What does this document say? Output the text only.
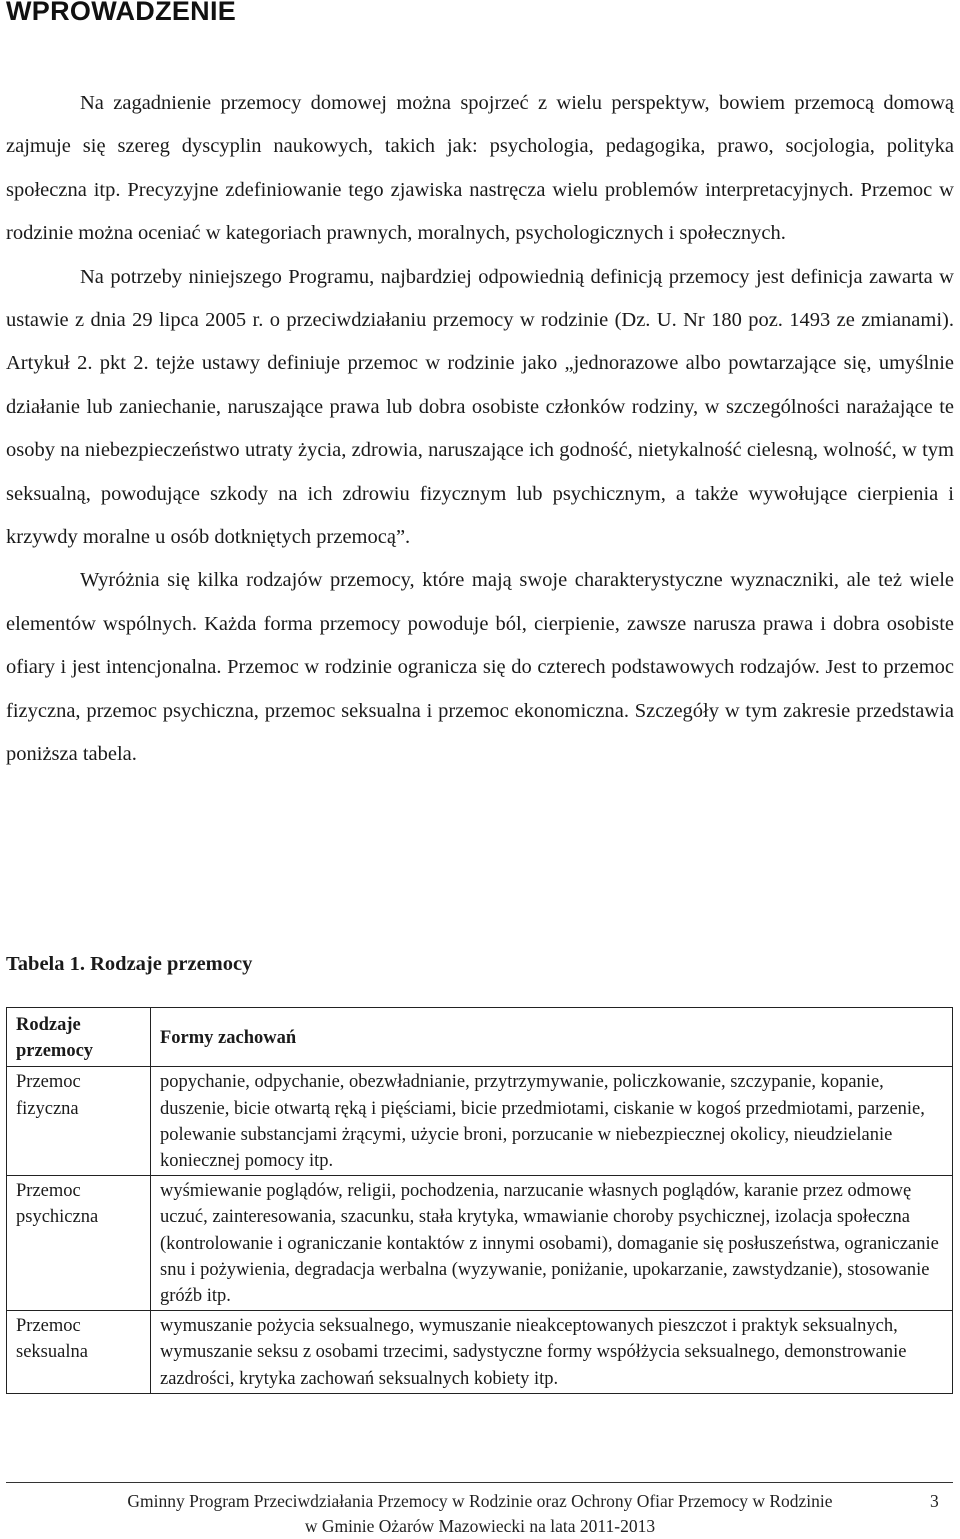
WPROWADZENIE

Na zagadnienie przemocy domowej można spojrzeć z wielu perspektyw, bowiem przemocą domową zajmuje się szereg dyscyplin naukowych, takich jak: psychologia, pedagogika, prawo, socjologia, polityka społeczna itp. Precyzyjne zdefiniowanie tego zjawiska nastręcza wielu problemów interpretacyjnych. Przemoc w rodzinie można oceniać w kategoriach prawnych, moralnych, psychologicznych i społecznych.

Na potrzeby niniejszego Programu, najbardziej odpowiednią definicją przemocy jest definicja zawarta w ustawie z dnia 29 lipca 2005 r. o przeciwdziałaniu przemocy w rodzinie (Dz. U. Nr 180 poz. 1493 ze zmianami). Artykuł 2. pkt 2. tejże ustawy definiuje przemoc w rodzinie jako „jednorazowe albo powtarzające się, umyślnie działanie lub zaniechanie, naruszające prawa lub dobra osobiste członków rodziny, w szczególności narażające te osoby na niebezpieczeństwo utraty życia, zdrowia, naruszające ich godność, nietykalność cielesną, wolność, w tym seksualną, powodujące szkody na ich zdrowiu fizycznym lub psychicznym, a także wywołujące cierpienia i krzywdy moralne u osób dotkniętych przemocą”.

Wyróżnia się kilka rodzajów przemocy, które mają swoje charakterystyczne wyznaczniki, ale też wiele elementów wspólnych. Każda forma przemocy powoduje ból, cierpienie, zawsze narusza prawa i dobra osobiste ofiary i jest intencjonalna. Przemoc w rodzinie ogranicza się do czterech podstawowych rodzajów. Jest to przemoc fizyczna, przemoc psychiczna, przemoc seksualna i przemoc ekonomiczna. Szczegóły w tym zakresie przedstawia poniższa tabela.

Tabela 1. Rodzaje przemocy

Rodzaje przemocy	Formy zachowań
Przemoc fizyczna	popychanie, odpychanie, obezwładnianie, przytrzymywanie, policzkowanie, szczypanie, kopanie, duszenie, bicie otwartą ręką i pięściami, bicie przedmiotami, ciskanie w kogoś przedmiotami, parzenie, polewanie substancjami żrącymi, użycie broni, porzucanie w niebezpiecznej okolicy, nieudzielanie koniecznej pomocy itp.
Przemoc psychiczna	wyśmiewanie poglądów, religii, pochodzenia, narzucanie własnych poglądów, karanie przez odmowę uczuć, zainteresowania, szacunku, stała krytyka, wmawianie choroby psychicznej, izolacja społeczna (kontrolowanie i ograniczanie kontaktów z innymi osobami), domaganie się posłuszeństwa, ograniczanie snu i pożywienia, degradacja werbalna (wyzywanie, poniżanie, upokarzanie, zawstydzanie), stosowanie gróźb itp.
Przemoc seksualna	wymuszanie pożycia seksualnego, wymuszanie nieakceptowanych pieszczot i praktyk seksualnych, wymuszanie seksu z osobami trzecimi, sadystyczne formy współżycia seksualnego, demonstrowanie zazdrości, krytyka zachowań seksualnych kobiety itp.
Gminny Program Przeciwdziałania Przemocy w Rodzinie oraz Ochrony Ofiar Przemocy w Rodzinie
w Gminie Ożarów Mazowiecki na lata 2011-2013
3
